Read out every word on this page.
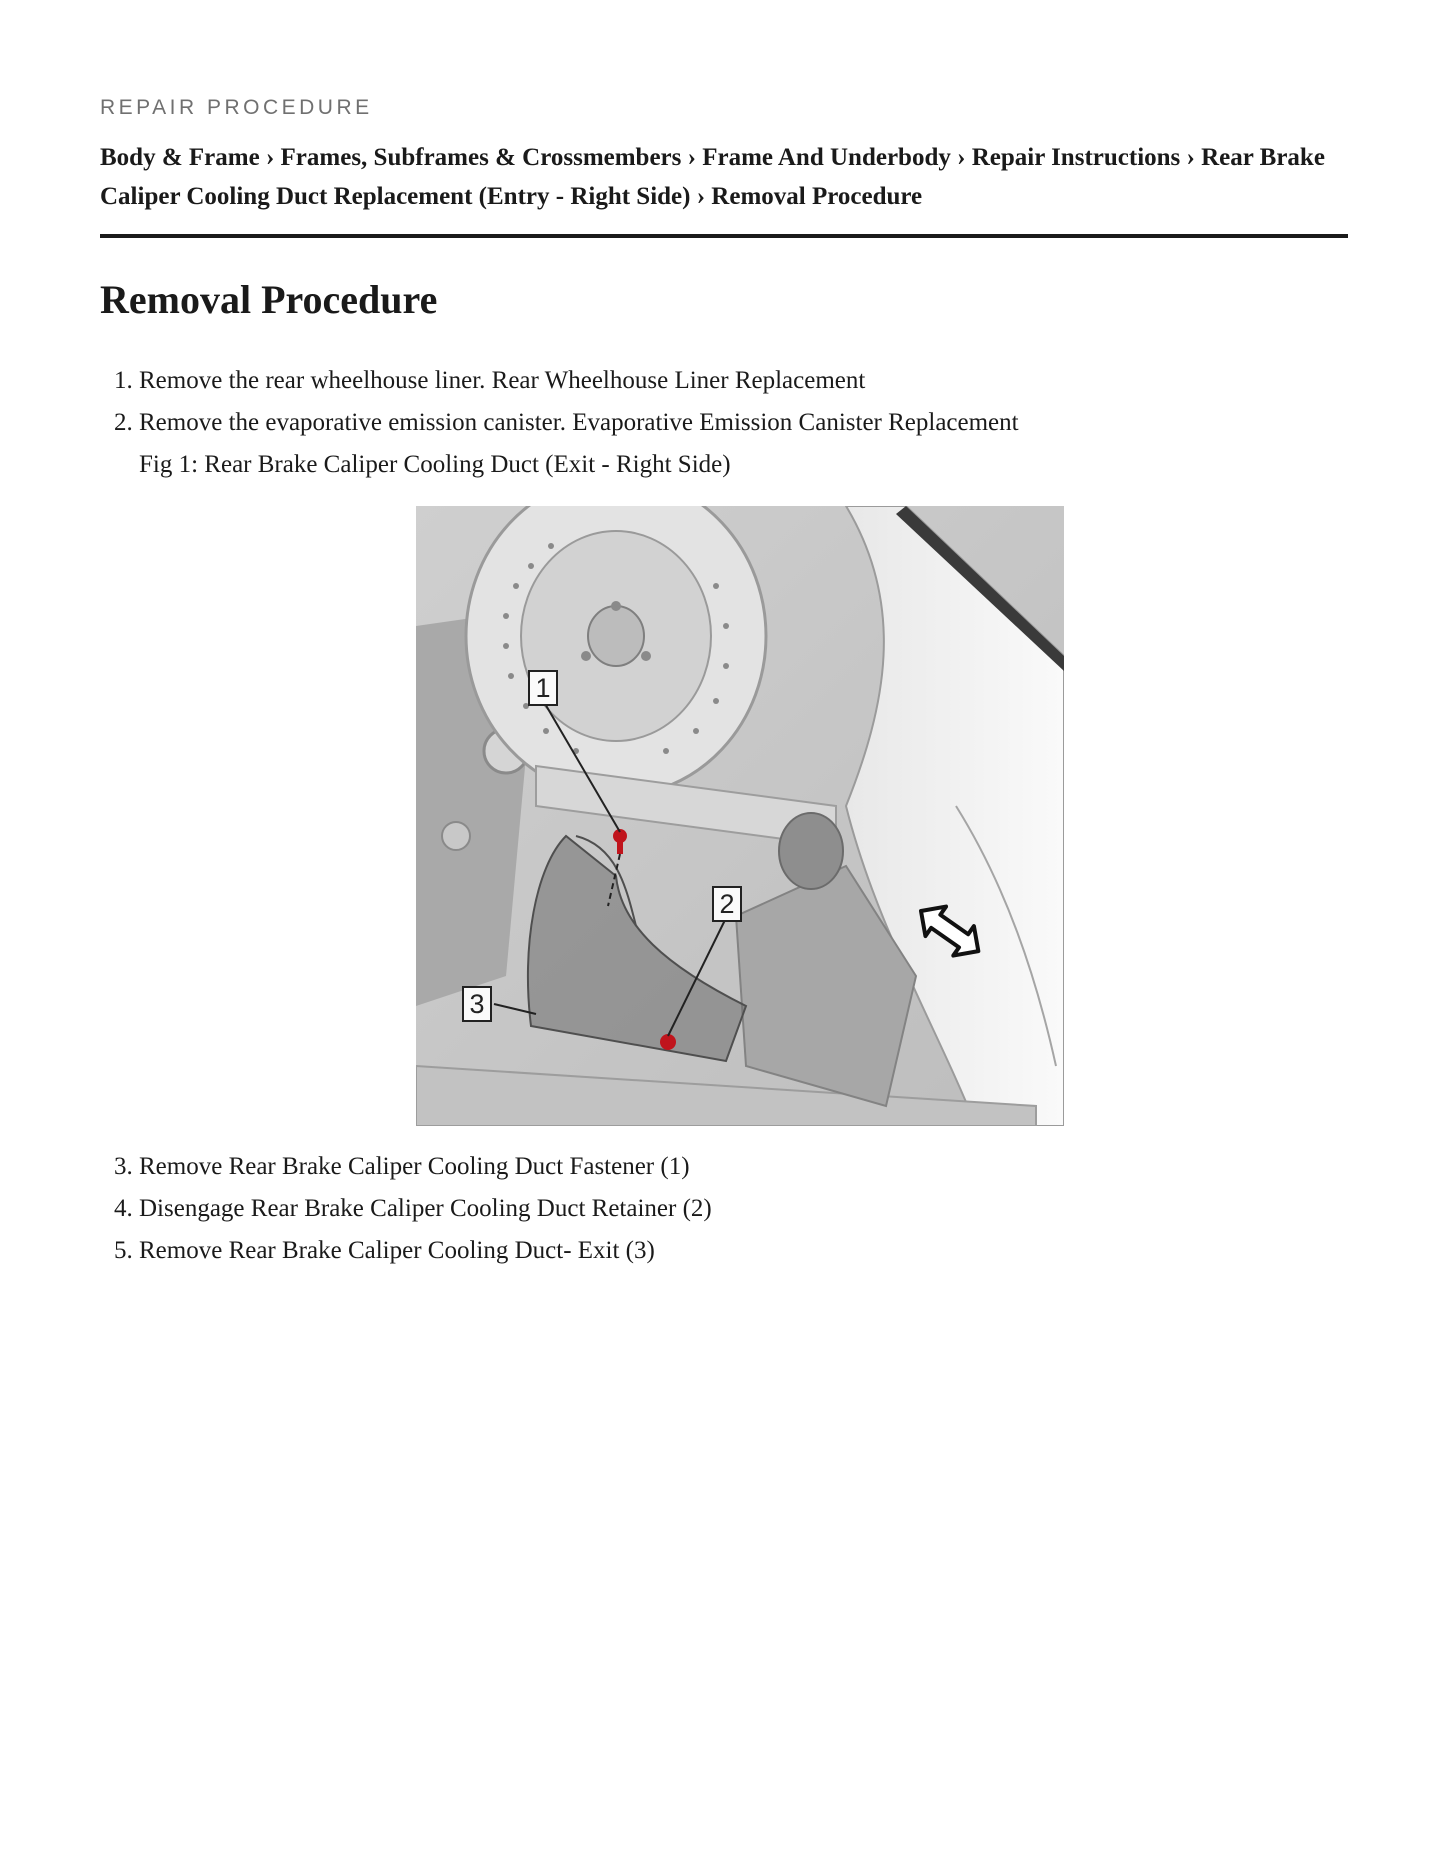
REPAIR PROCEDURE
Body & Frame › Frames, Subframes & Crossmembers › Frame And Underbody › Repair Instructions › Rear Brake Caliper Cooling Duct Replacement (Entry - Right Side) › Removal Procedure
Removal Procedure
1. Remove the rear wheelhouse liner. Rear Wheelhouse Liner Replacement
2. Remove the evaporative emission canister. Evaporative Emission Canister Replacement
Fig 1: Rear Brake Caliper Cooling Duct (Exit - Right Side)
1
2
3
3. Remove Rear Brake Caliper Cooling Duct Fastener (1)
4. Disengage Rear Brake Caliper Cooling Duct Retainer (2)
5. Remove Rear Brake Caliper Cooling Duct- Exit (3)
